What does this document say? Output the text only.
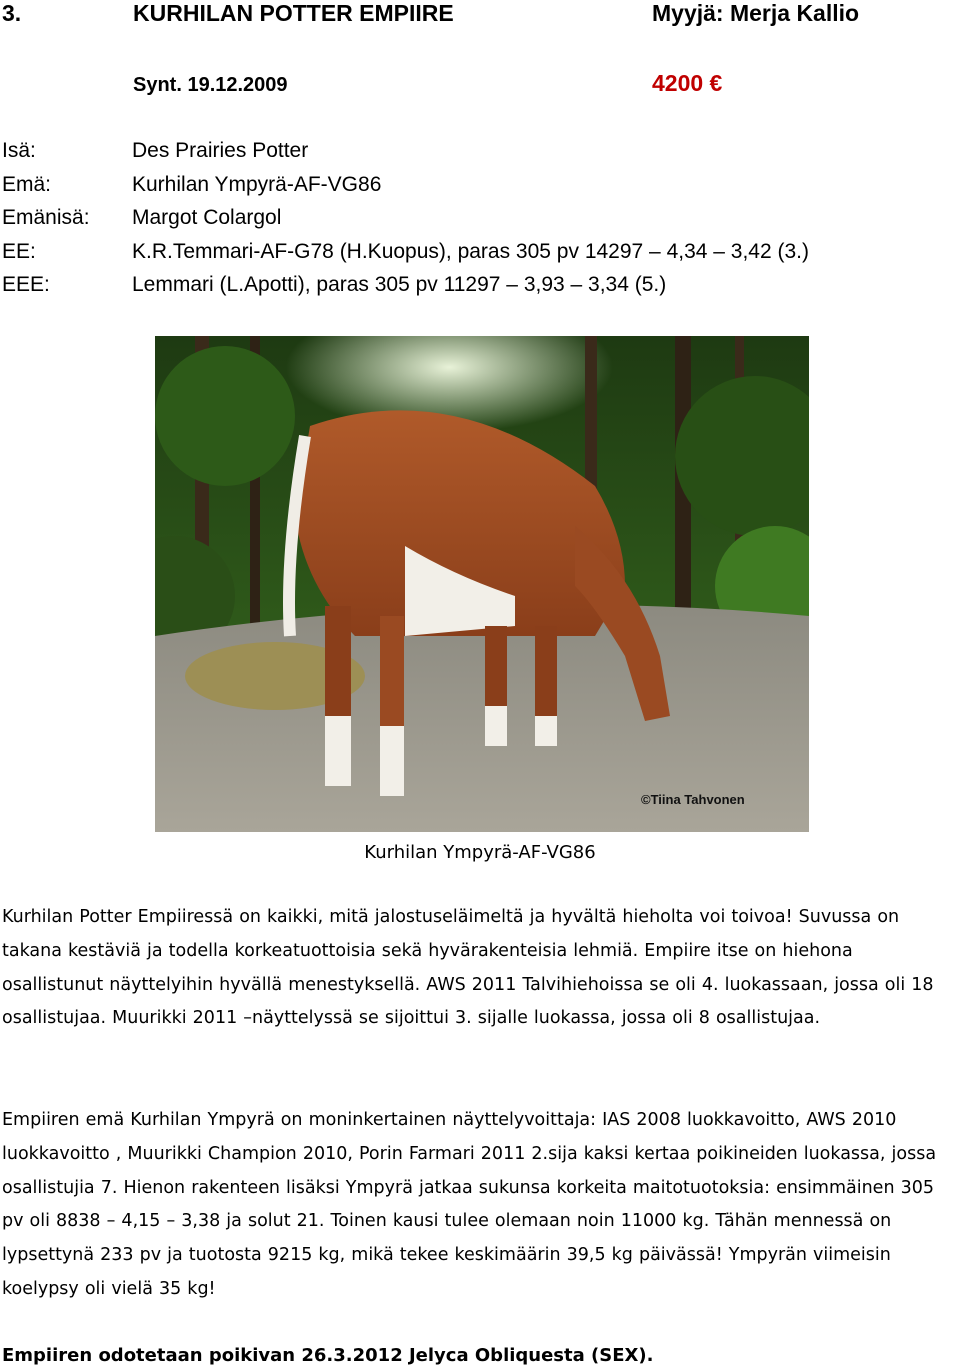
3.	KURHILAN POTTER EMPIIRE	Myyjä: Merja Kallio
Synt. 19.12.2009	4200 €
Isä:	Des Prairies Potter
Emä:	Kurhilan Ympyrä-AF-VG86
Emänisä: Margot Colargol
EE:	K.R.Temmari-AF-G78 (H.Kuopus), paras 305 pv 14297 – 4,34 – 3,42 (3.)
EEE:	Lemmari (L.Apotti), paras 305 pv 11297 – 3,93 – 3,34 (5.)
©Tiina Tahvonen
Kurhilan Ympyrä-AF-VG86
Kurhilan Potter Empiiressä on kaikki, mitä jalostuseläimeltä ja hyvältä hieholta voi toivoa! Suvussa on takana kestäviä ja todella korkeatuottoisia sekä hyvärakenteisia lehmiä. Empiire itse on hiehona osallistunut näyttelyihin hyvällä menestyksellä. AWS 2011 Talvihiehoissa se oli 4. luokassaan, jossa oli 18 osallistujaa. Muurikki 2011 –näyttelyssä se sijoittui 3. sijalle luokassa, jossa oli 8 osallistujaa.
Empiiren emä Kurhilan Ympyrä on moninkertainen näyttelyvoittaja: IAS 2008 luokkavoitto, AWS 2010 luokkavoitto , Muurikki Champion 2010, Porin Farmari 2011 2.sija kaksi kertaa poikineiden luokassa, jossa osallistujia 7. Hienon rakenteen lisäksi Ympyrä jatkaa sukunsa korkeita maitotuotoksia: ensimmäinen 305 pv oli 8838 – 4,15 – 3,38 ja solut 21. Toinen kausi tulee olemaan noin 11000 kg. Tähän mennessä on lypsettynä 233 pv ja tuotosta 9215 kg, mikä tekee keskimäärin 39,5 kg päivässä! Ympyrän viimeisin koelypsy oli vielä 35 kg!
Empiiren odotetaan poikivan 26.3.2012 Jelyca Obliquesta (SEX).
